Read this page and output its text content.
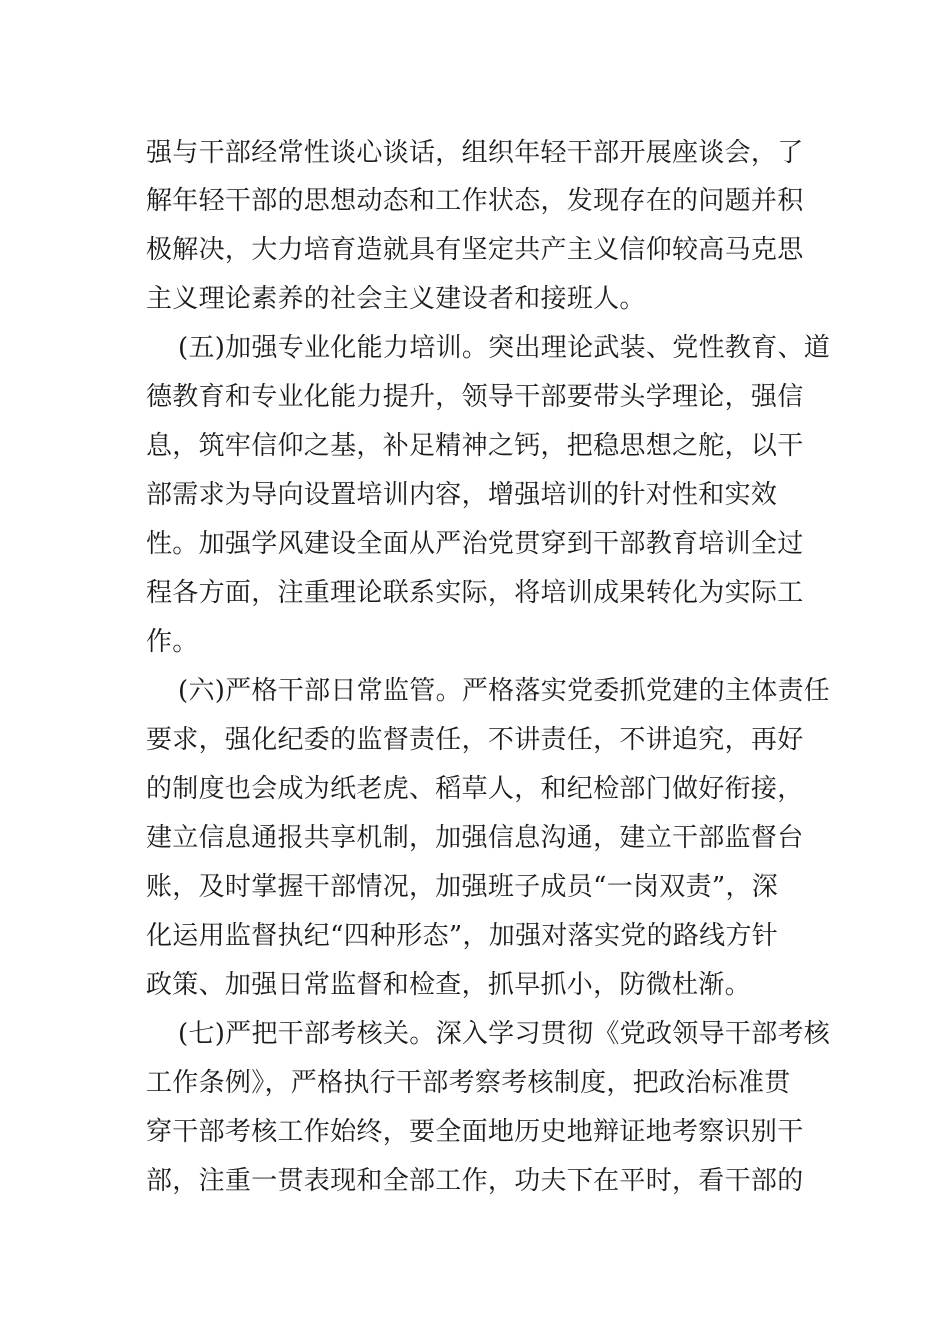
强与干部经常性谈心谈话，组织年轻干部开展座谈会，了

解年轻干部的思想动态和工作状态，发现存在的问题并积

极解决，大力培育造就具有坚定共产主义信仰较高马克思

主义理论素养的社会主义建设者和接班人。

(五)加强专业化能力培训。突出理论武装、党性教育、道

德教育和专业化能力提升，领导干部要带头学理论，强信

息，筑牢信仰之基，补足精神之钙，把稳思想之舵，以干

部需求为导向设置培训内容，增强培训的针对性和实效

性。加强学风建设全面从严治党贯穿到干部教育培训全过

程各方面，注重理论联系实际，将培训成果转化为实际工

作。

(六)严格干部日常监管。严格落实党委抓党建的主体责任

要求，强化纪委的监督责任，不讲责任，不讲追究，再好

的制度也会成为纸老虎、稻草人，和纪检部门做好衔接，

建立信息通报共享机制，加强信息沟通，建立干部监督台

账，及时掌握干部情况，加强班子成员“一岗双责”，深

化运用监督执纪“四种形态”，加强对落实党的路线方针

政策、加强日常监督和检查，抓早抓小，防微杜渐。

(七)严把干部考核关。深入学习贯彻《党政领导干部考核

工作条例》，严格执行干部考察考核制度，把政治标准贯

穿干部考核工作始终，要全面地历史地辩证地考察识别干

部，注重一贯表现和全部工作，功夫下在平时，看干部的
